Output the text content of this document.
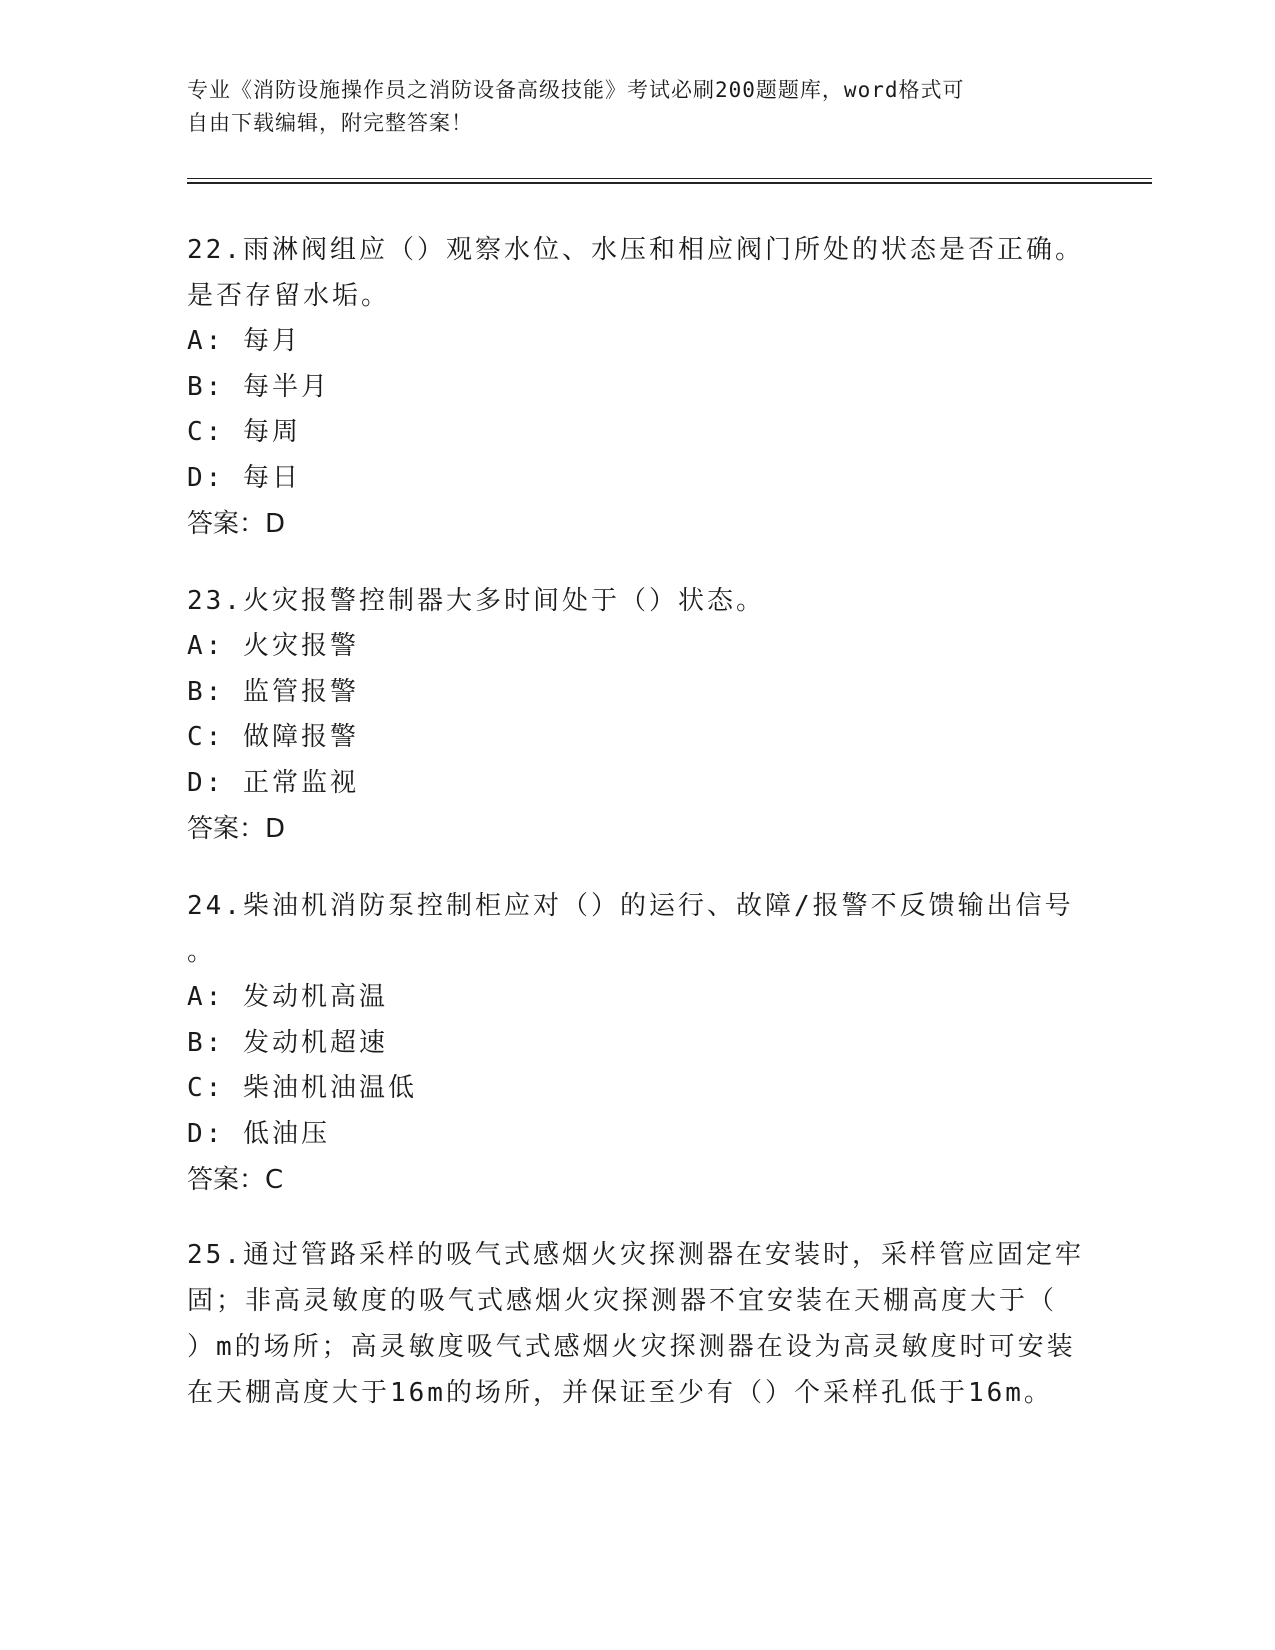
专业《消防设施操作员之消防设备高级技能》考试必刷200题题库，word格式可
自由下载编辑，附完整答案！
22.雨淋阀组应（）观察水位、水压和相应阀门所处的状态是否正确。
是否存留水垢。
A: 每月
B: 每半月
C: 每周
D: 每日
答案：D
23.火灾报警控制器大多时间处于（）状态。
A: 火灾报警
B: 监管报警
C: 做障报警
D: 正常监视
答案：D
24.柴油机消防泵控制柜应对（）的运行、故障/报警不反馈输出信号
。
A: 发动机高温
B: 发动机超速
C: 柴油机油温低
D: 低油压
答案：C
25.通过管路采样的吸气式感烟火灾探测器在安装时，采样管应固定牢
固；非高灵敏度的吸气式感烟火灾探测器不宜安装在天棚高度大于（
）m的场所；高灵敏度吸气式感烟火灾探测器在设为高灵敏度时可安装
在天棚高度大于16m的场所，并保证至少有（）个采样孔低于16m。
